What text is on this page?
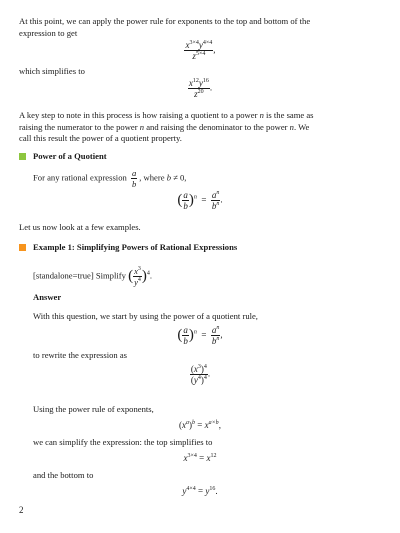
At this point, we can apply the power rule for exponents to the top and bottom of the

expression to get

$\frac{x^{3\times 4}y^{4\times 4}}{z^{5\times 4}}$ ,

which simplifies to

$\frac{x^{12}y^{16}}{z^{20}}$ .

A key step to note in this process is how raising a quotient to a power n is the same as

raising the numerator to the power n and raising the denominator to the power n. We

call this result the power of a quotient property.

Power of a Quotient
For any rational expression $\frac{a}{b}$ , where b ≠ 0,
( $\frac{a}{b} )^n = \frac{a^n}{b^n}$ .

Let us now look at a few examples.

Example 1: Simplifying Powers of Rational Expressions
[standalone=true] Simplify ( $\frac{x^3}{y^4} )^4$.
Answer

With this question, we start by using the power of a quotient rule,

( $\frac{a}{b} )^n = \frac{a^n}{b^n}$ ,

to rewrite the expression as

$\frac{(x^3)^4}{(y^4)^4}$ .

Using the power rule of exponents,

$(x^a)^b = x^{a\times b}$,

we can simplify the expression: the top simplifies to

$x^{3\times 4} = x^{12}$

and the bottom to

$y^{4\times 4} = y^{16}$.
2
